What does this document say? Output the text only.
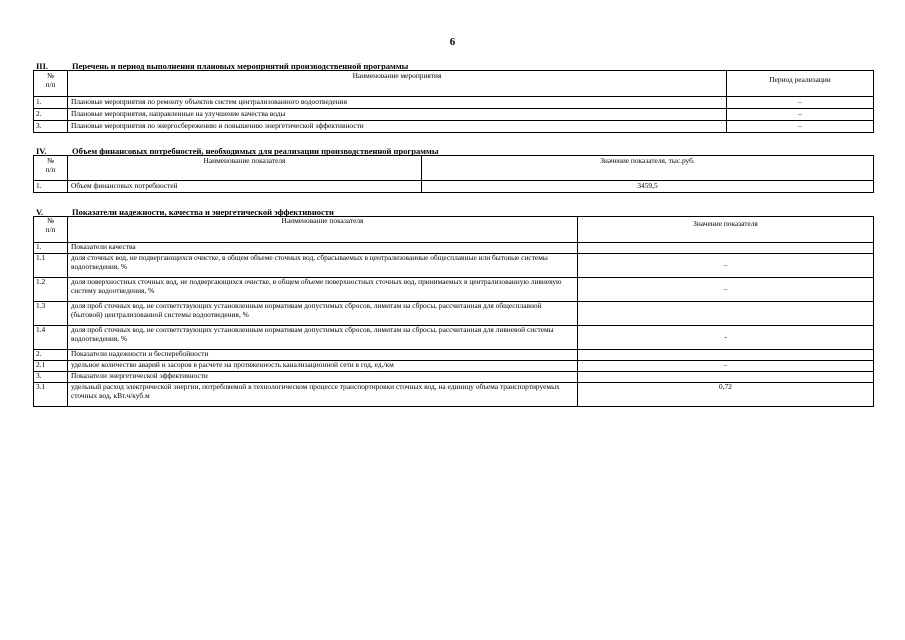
6
III.	Перечень и период выполнения плановых мероприятий производственной программы
№
п/п	Наименование мероприятия	Период реализации
1.	Плановые мероприятия по ремонту объектов систем централизованного водоотведения	–
2.	Плановые мероприятия, направленные на улучшение качества воды	–
3.	Плановые мероприятия по энергосбережению и повышению энергетической эффективности	–
IV.	Объем финансовых потребностей, необходимых для реализации производственной программы
№
п/п	Наименование показателя	Значение показателя, тыс.руб.
1.	Объем финансовых потребностей	3459,5
V.	Показатели надежности, качества и энергетической эффективности
№
п/п	Наименование показателя	Значение показателя
1.	Показатели качества	
1.1	доля сточных вод, не подвергающихся очистке, в общем объеме сточных вод, сбрасываемых в централизованные общесплавные или бытовые системы водоотведения, %	–
1.2	доля поверхностных сточных вод, не подвергающихся очистке, в общем объеме поверхностных сточных вод, принимаемых в централизованную ливневую систему водоотведения, %	–
1.3	доля проб сточных вод, не соответствующих установленным нормативам допустимых сбросов, лимитам на сбросы, рассчитанная для общесплавной (бытовой) централизованной системы водоотведения, %	
1.4	доля проб сточных вод, не соответствующих установленным нормативам допустимых сбросов, лимитам на сбросы, рассчитанная для ливневой системы водоотведения, %	-
2.	Показатели надежности и бесперебойности	
2.1	удельное количество аварий и засоров в расчете на протяженность канализационной сети в год, ед./км	–
3.	Показатели энергетической эффективности	
3.1	удельный расход электрической энергии, потребляемой в технологическом процессе транспортировки сточных вод, на единицу объема транспортируемых сточных вод, кВт.ч/куб.м	0,72
